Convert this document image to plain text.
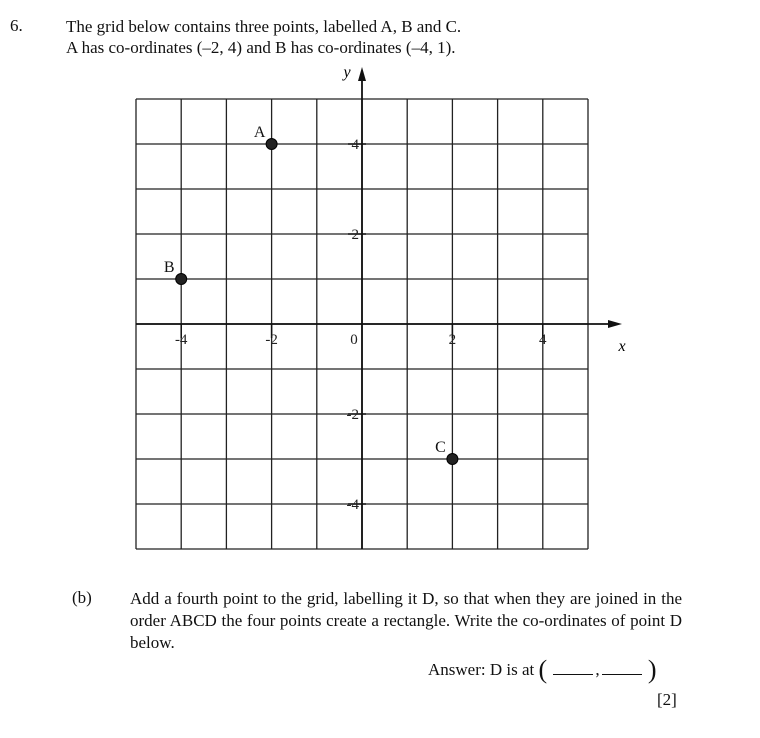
6.	The grid below contains three points, labelled A, B and C.
A has co-ordinates (–2, 4) and B has co-ordinates (–4, 1).
x
y
-4	-2	0	2	4
4
2
-2
-4
A
B
C
(b) Add a fourth point to the grid, labelling it D, so that when they are joined in the order ABCD the four points create a rectangle. Write the co-ordinates of point D below.
Answer: D is at (	, )
[2]
